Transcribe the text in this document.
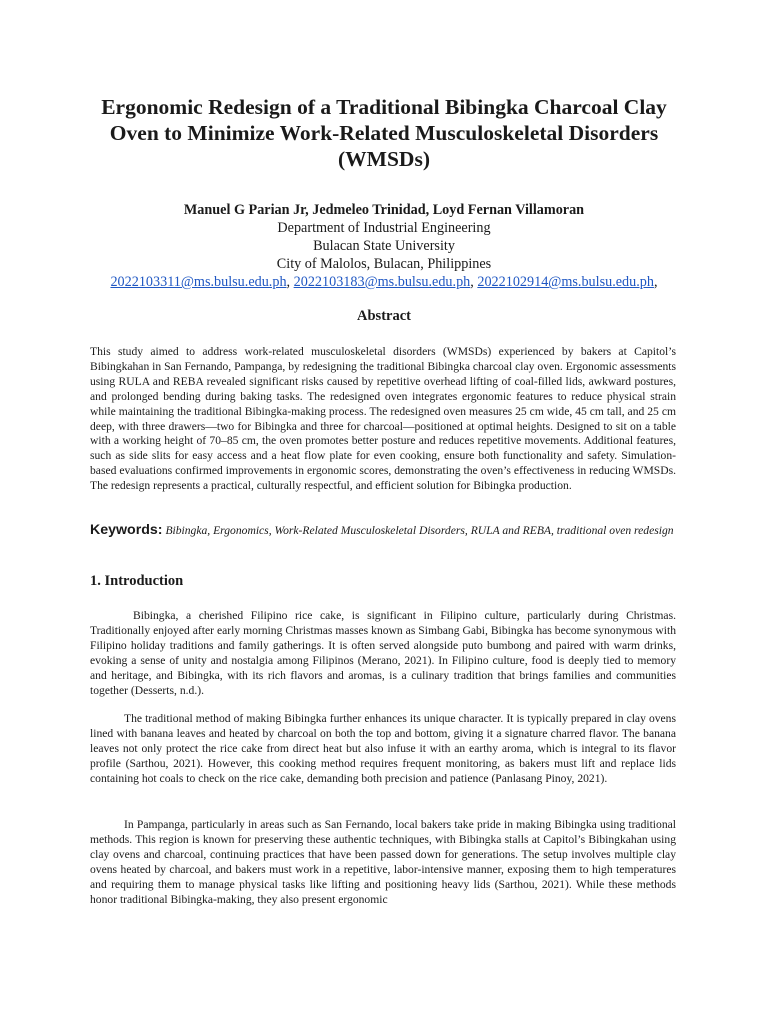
Ergonomic Redesign of a Traditional Bibingka Charcoal Clay Oven to Minimize Work-Related Musculoskeletal Disorders (WMSDs)
Manuel G Parian Jr, Jedmeleo Trinidad, Loyd Fernan Villamoran
Department of Industrial Engineering
Bulacan State University
City of Malolos, Bulacan, Philippines
2022103311@ms.bulsu.edu.ph, 2022103183@ms.bulsu.edu.ph, 2022102914@ms.bulsu.edu.ph,
Abstract

This study aimed to address work-related musculoskeletal disorders (WMSDs) experienced by bakers at Capitol’s Bibingkahan in San Fernando, Pampanga, by redesigning the traditional Bibingka charcoal clay oven. Ergonomic assessments using RULA and REBA revealed significant risks caused by repetitive overhead lifting of coal-filled lids, awkward postures, and prolonged bending during baking tasks. The redesigned oven integrates ergonomic features to reduce physical strain while maintaining the traditional Bibingka-making process. The redesigned oven measures 25 cm wide, 45 cm tall, and 25 cm deep, with three drawers—two for Bibingka and three for charcoal—positioned at optimal heights. Designed to sit on a table with a working height of 70–85 cm, the oven promotes better posture and reduces repetitive movements. Additional features, such as side slits for easy access and a heat flow plate for even cooking, ensure both functionality and safety. Simulation-based evaluations confirmed improvements in ergonomic scores, demonstrating the oven’s effectiveness in reducing WMSDs. The redesign represents a practical, culturally respectful, and efficient solution for Bibingka production.

Keywords: Bibingka, Ergonomics, Work-Related Musculoskeletal Disorders, RULA and REBA, traditional oven redesign

1. Introduction

Bibingka, a cherished Filipino rice cake, is significant in Filipino culture, particularly during Christmas. Traditionally enjoyed after early morning Christmas masses known as Simbang Gabi, Bibingka has become synonymous with Filipino holiday traditions and family gatherings. It is often served alongside puto bumbong and paired with warm drinks, evoking a sense of unity and nostalgia among Filipinos (Merano, 2021). In Filipino culture, food is deeply tied to memory and heritage, and Bibingka, with its rich flavors and aromas, is a culinary tradition that brings families and communities together (Desserts, n.d.).

The traditional method of making Bibingka further enhances its unique character. It is typically prepared in clay ovens lined with banana leaves and heated by charcoal on both the top and bottom, giving it a signature charred flavor. The banana leaves not only protect the rice cake from direct heat but also infuse it with an earthy aroma, which is integral to its flavor profile (Sarthou, 2021). However, this cooking method requires frequent monitoring, as bakers must lift and replace lids containing hot coals to check on the rice cake, demanding both precision and patience (Panlasang Pinoy, 2021).

In Pampanga, particularly in areas such as San Fernando, local bakers take pride in making Bibingka using traditional methods. This region is known for preserving these authentic techniques, with Bibingka stalls at Capitol’s Bibingkahan using clay ovens and charcoal, continuing practices that have been passed down for generations. The setup involves multiple clay ovens heated by charcoal, and bakers must work in a repetitive, labor-intensive manner, exposing them to high temperatures and requiring them to manage physical tasks like lifting and positioning heavy lids (Sarthou, 2021). While these methods honor traditional Bibingka-making, they also present ergonomic
